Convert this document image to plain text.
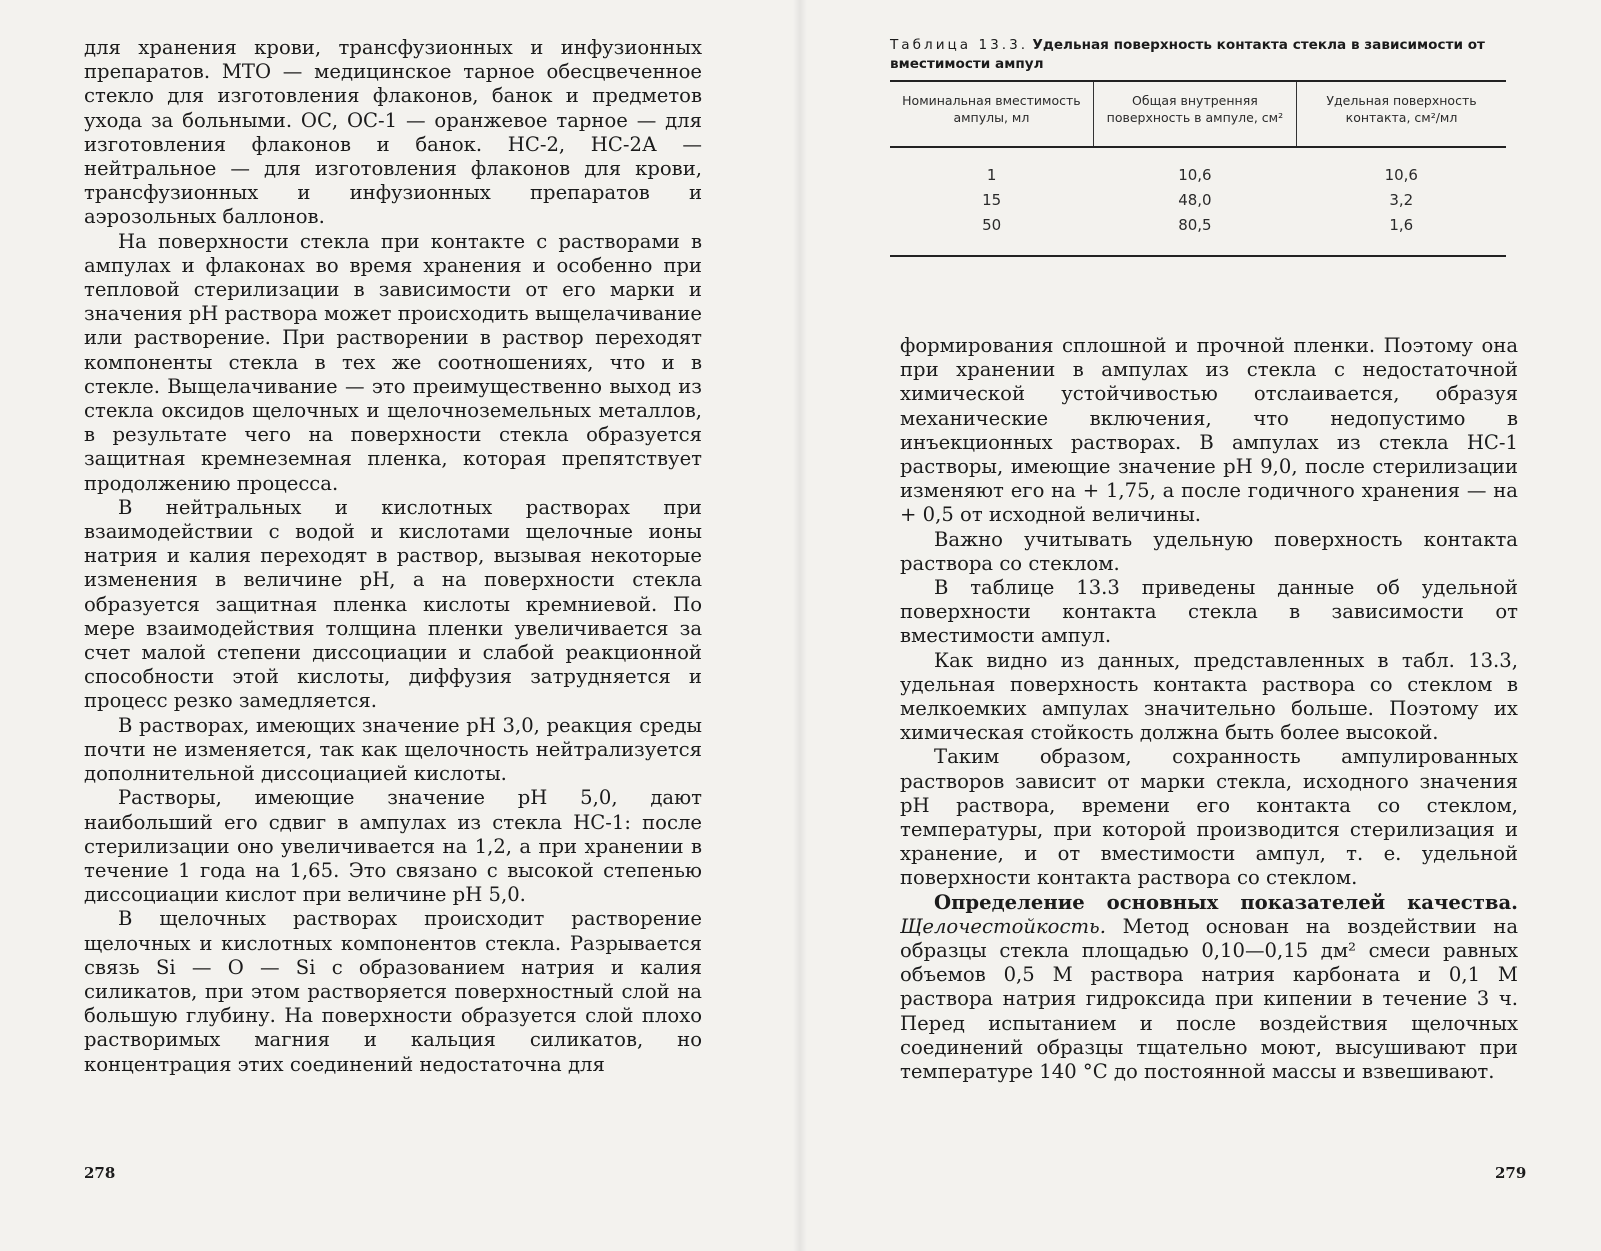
для хранения крови, трансфузионных и инфузионных препаратов. МТО — медицинское тарное обесцвеченное стекло для изготовления флаконов, банок и предметов ухода за больными. ОС, ОС-1 — оранжевое тарное — для изготовления флаконов и банок. НС-2, НС-2А — нейтральное — для изготовления флаконов для крови, трансфузионных и инфузионных препаратов и аэрозольных баллонов.

На поверхности стекла при контакте с растворами в ампулах и флаконах во время хранения и особенно при тепловой стерилизации в зависимости от его марки и значения pH раствора может происходить выщелачивание или растворение. При растворении в раствор переходят компоненты стекла в тех же соотношениях, что и в стекле. Выщелачивание — это преимущественно выход из стекла оксидов щелочных и щелочноземельных металлов, в результате чего на поверхности стекла образуется защитная кремнеземная пленка, которая препятствует продолжению процесса.

В нейтральных и кислотных растворах при взаимодействии с водой и кислотами щелочные ионы натрия и калия переходят в раствор, вызывая некоторые изменения в величине pH, а на поверхности стекла образуется защитная пленка кислоты кремниевой. По мере взаимодействия толщина пленки увеличивается за счет малой степени диссоциации и слабой реакционной способности этой кислоты, диффузия затрудняется и процесс резко замедляется.

В растворах, имеющих значение pH 3,0, реакция среды почти не изменяется, так как щелочность нейтрализуется дополнительной диссоциацией кислоты.

Растворы, имеющие значение pH 5,0, дают наибольший его сдвиг в ампулах из стекла НС-1: после стерилизации оно увеличивается на 1,2, а при хранении в течение 1 года на 1,65. Это связано с высокой степенью диссоциации кислот при величине pH 5,0.

В щелочных растворах происходит растворение щелочных и кислотных компонентов стекла. Разрывается связь Si — O — Si с образованием натрия и калия силикатов, при этом растворяется поверхностный слой на большую глубину. На поверхности образуется слой плохо растворимых магния и кальция силикатов, но концентрация этих соединений недостаточна для

278
Таблица 13.3. Удельная поверхность контакта стекла в зависимости от вместимости ампул
Номинальная вместимость ампулы, мл	Общая внутренняя поверхность в ампуле, см²	Удельная поверхность контакта, см²/мл
1	10,6	10,6
15	48,0	3,2
50	80,5	1,6

формирования сплошной и прочной пленки. Поэтому она при хранении в ампулах из стекла с недостаточной химической устойчивостью отслаивается, образуя механические включения, что недопустимо в инъекционных растворах. В ампулах из стекла НС-1 растворы, имеющие значение pH 9,0, после стерилизации изменяют его на + 1,75, а после годичного хранения — на + 0,5 от исходной величины.

Важно учитывать удельную поверхность контакта раствора со стеклом.

В таблице 13.3 приведены данные об удельной поверхности контакта стекла в зависимости от вместимости ампул.

Как видно из данных, представленных в табл. 13.3, удельная поверхность контакта раствора со стеклом в мелкоемких ампулах значительно больше. Поэтому их химическая стойкость должна быть более высокой.

Таким образом, сохранность ампулированных растворов зависит от марки стекла, исходного значения pH раствора, времени его контакта со стеклом, температуры, при которой производится стерилизация и хранение, и от вместимости ампул, т. е. удельной поверхности контакта раствора со стеклом.

Определение основных показателей качества. Щелочестойкость. Метод основан на воздействии на образцы стекла площадью 0,10—0,15 дм² смеси равных объемов 0,5 М раствора натрия карбоната и 0,1 М раствора натрия гидроксида при кипении в течение 3 ч. Перед испытанием и после воздействия щелочных соединений образцы тщательно моют, высушивают при температуре 140 °С до постоянной массы и взвешивают.

279
